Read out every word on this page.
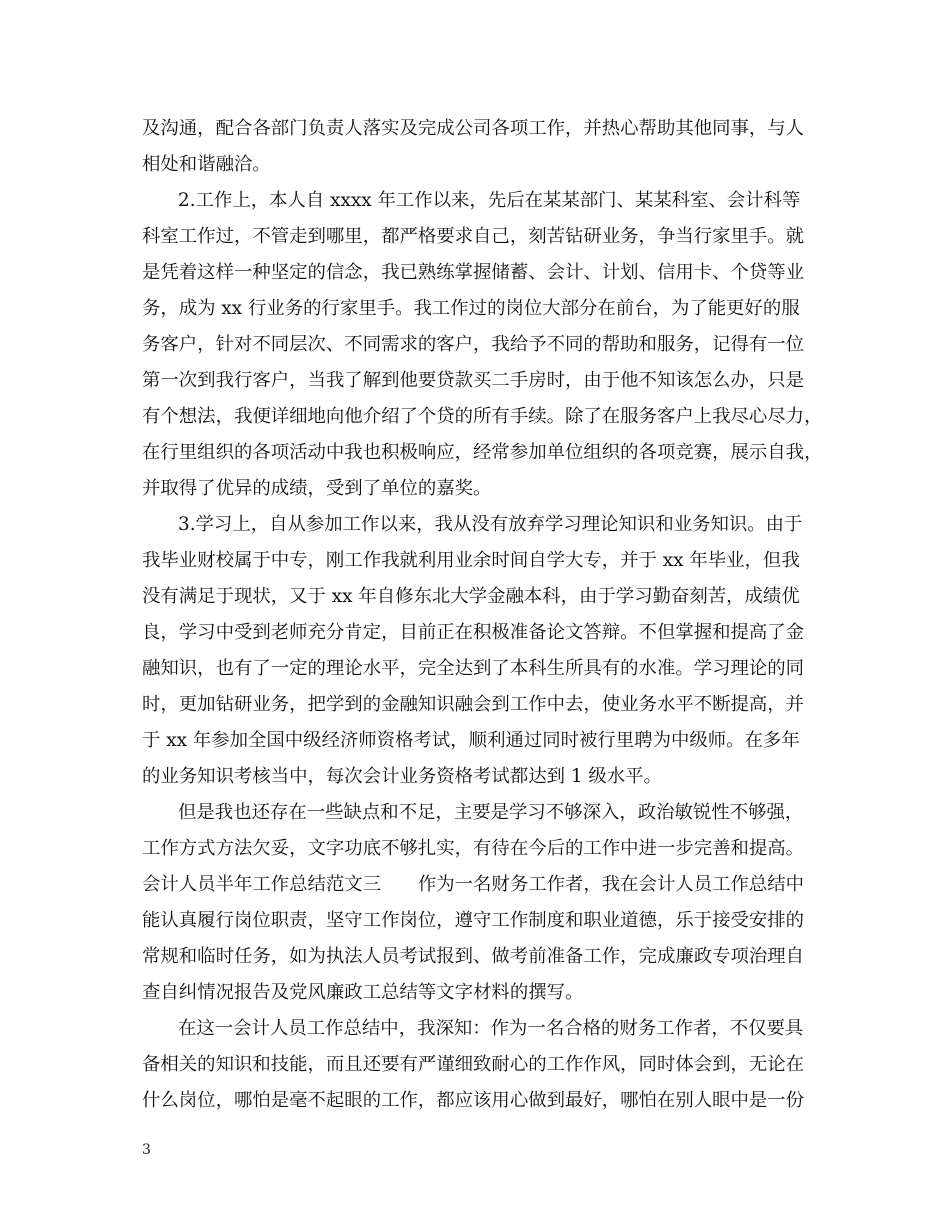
及沟通，配合各部门负责人落实及完成公司各项工作，并热心帮助其他同事，与人
相处和谐融洽。
2.工作上，本人自 xxxx 年工作以来，先后在某某部门、某某科室、会计科等
科室工作过，不管走到哪里，都严格要求自己，刻苦钻研业务，争当行家里手。就
是凭着这样一种坚定的信念，我已熟练掌握储蓄、会计、计划、信用卡、个贷等业
务，成为 xx 行业务的行家里手。我工作过的岗位大部分在前台，为了能更好的服
务客户，针对不同层次、不同需求的客户，我给予不同的帮助和服务，记得有一位
第一次到我行客户，当我了解到他要贷款买二手房时，由于他不知该怎么办，只是
有个想法，我便详细地向他介绍了个贷的所有手续。除了在服务客户上我尽心尽力，
在行里组织的各项活动中我也积极响应，经常参加单位组织的各项竞赛，展示自我，
并取得了优异的成绩，受到了单位的嘉奖。
3.学习上，自从参加工作以来，我从没有放弃学习理论知识和业务知识。由于
我毕业财校属于中专，刚工作我就利用业余时间自学大专，并于 xx 年毕业，但我
没有满足于现状，又于 xx 年自修东北大学金融本科，由于学习勤奋刻苦，成绩优
良，学习中受到老师充分肯定，目前正在积极准备论文答辩。不但掌握和提高了金
融知识，也有了一定的理论水平，完全达到了本科生所具有的水准。学习理论的同
时，更加钻研业务，把学到的金融知识融会到工作中去，使业务水平不断提高，并
于 xx 年参加全国中级经济师资格考试，顺利通过同时被行里聘为中级师。在多年
的业务知识考核当中，每次会计业务资格考试都达到 1 级水平。
但是我也还存在一些缺点和不足，主要是学习不够深入，政治敏锐性不够强，
工作方式方法欠妥，文字功底不够扎实，有待在今后的工作中进一步完善和提高。
会计人员半年工作总结范文三　　作为一名财务工作者，我在会计人员工作总结中
能认真履行岗位职责，坚守工作岗位，遵守工作制度和职业道德，乐于接受安排的
常规和临时任务，如为执法人员考试报到、做考前准备工作，完成廉政专项治理自
查自纠情况报告及党风廉政工总结等文字材料的撰写。
在这一会计人员工作总结中，我深知：作为一名合格的财务工作者，不仅要具
备相关的知识和技能，而且还要有严谨细致耐心的工作作风，同时体会到，无论在
什么岗位，哪怕是毫不起眼的工作，都应该用心做到最好，哪怕在别人眼中是一份
3
